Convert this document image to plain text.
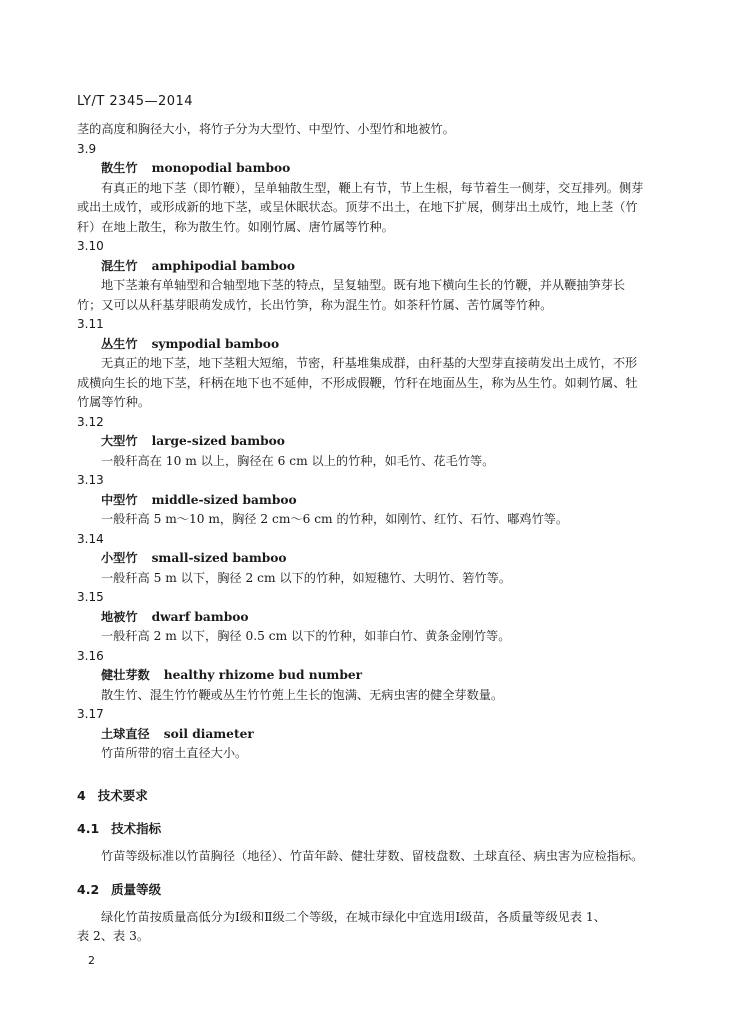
LY/T 2345—2014
茎的高度和胸径大小，将竹子分为大型竹、中型竹、小型竹和地被竹。
3.9
散生竹 monopodial bamboo
有真正的地下茎（即竹鞭），呈单轴散生型，鞭上有节，节上生根，每节着生一侧芽，交互排列。侧芽
或出土成竹，或形成新的地下茎，或呈休眠状态。顶芽不出土，在地下扩展，侧芽出土成竹，地上茎（竹
秆）在地上散生，称为散生竹。如刚竹属、唐竹属等竹种。
3.10
混生竹 amphipodial bamboo
地下茎兼有单轴型和合轴型地下茎的特点，呈复轴型。既有地下横向生长的竹鞭，并从鞭抽笋芽长
竹；又可以从秆基芽眼萌发成竹，长出竹笋，称为混生竹。如茶秆竹属、苦竹属等竹种。
3.11
丛生竹 sympodial bamboo
无真正的地下茎，地下茎粗大短缩，节密，秆基堆集成群，由秆基的大型芽直接萌发出土成竹，不形
成横向生长的地下茎，秆柄在地下也不延伸，不形成假鞭，竹秆在地面丛生，称为丛生竹。如刺竹属、牡
竹属等竹种。
3.12
大型竹 large-sized bamboo
一般秆高在 10 m 以上，胸径在 6 cm 以上的竹种，如毛竹、花毛竹等。
3.13
中型竹 middle-sized bamboo
一般秆高 5 m～10 m，胸径 2 cm～6 cm 的竹种，如刚竹、红竹、石竹、嘟鸡竹等。
3.14
小型竹 small-sized bamboo
一般秆高 5 m 以下，胸径 2 cm 以下的竹种，如短穗竹、大明竹、箬竹等。
3.15
地被竹 dwarf bamboo
一般秆高 2 m 以下，胸径 0.5 cm 以下的竹种，如菲白竹、黄条金刚竹等。
3.16
健壮芽数 healthy rhizome bud number
散生竹、混生竹竹鞭或丛生竹竹蔸上生长的饱满、无病虫害的健全芽数量。
3.17
土球直径 soil diameter
竹苗所带的宿土直径大小。
4 技术要求
4.1 技术指标
竹苗等级标准以竹苗胸径（地径）、竹苗年龄、健壮芽数、留枝盘数、土球直径、病虫害为应检指标。
4.2 质量等级
绿化竹苗按质量高低分为Ⅰ级和Ⅱ级二个等级，在城市绿化中宜选用Ⅰ级苗，各质量等级见表 1、
表 2、表 3。
2
